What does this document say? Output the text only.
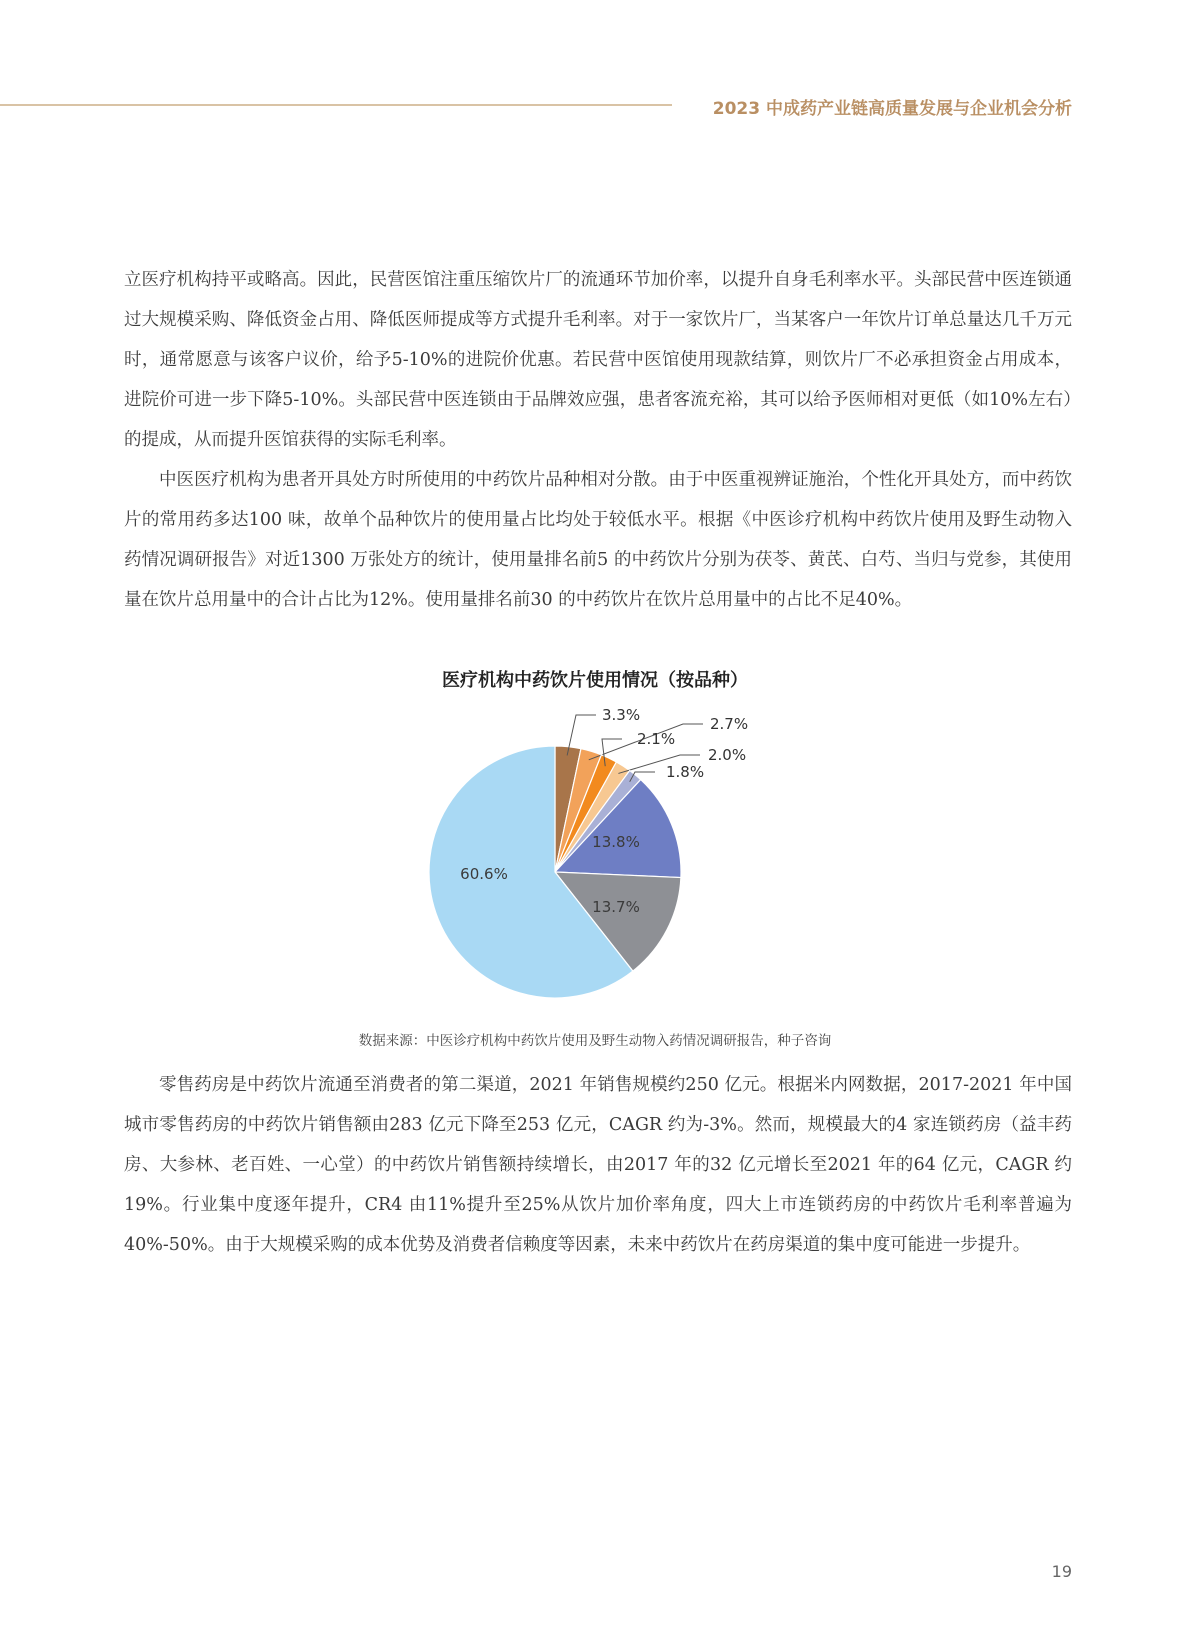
2023 中成药产业链高质量发展与企业机会分析

立医疗机构持平或略高。因此，民营医馆注重压缩饮片厂的流通环节加价率，以提升自身毛利率水平。头部民营中医连锁通过大规模采购、降低资金占用、降低医师提成等方式提升毛利率。对于一家饮片厂，当某客户一年饮片订单总量达几千万元时，通常愿意与该客户议价，给予5-10%的进院价优惠。若民营中医馆使用现款结算，则饮片厂不必承担资金占用成本，进院价可进一步下降5-10%。头部民营中医连锁由于品牌效应强，患者客流充裕，其可以给予医师相对更低（如10%左右）的提成，从而提升医馆获得的实际毛利率。

中医医疗机构为患者开具处方时所使用的中药饮片品种相对分散。由于中医重视辨证施治，个性化开具处方，而中药饮片的常用药多达100 味，故单个品种饮片的使用量占比均处于较低水平。根据《中医诊疗机构中药饮片使用及野生动物入药情况调研报告》对近1300 万张处方的统计，使用量排名前5 的中药饮片分别为茯苓、黄芪、白芍、当归与党参，其使用量在饮片总用量中的合计占比为12%。使用量排名前30 的中药饮片在饮片总用量中的占比不足40%。

医疗机构中药饮片使用情况（按品种）
3.3%	2.7%
2.1%
2.0%
1.8%
13.8%
13.7%
60.6%
数据来源：中医诊疗机构中药饮片使用及野生动物入药情况调研报告，种子咨询

零售药房是中药饮片流通至消费者的第二渠道，2021 年销售规模约250 亿元。根据米内网数据，2017-2021 年中国城市零售药房的中药饮片销售额由283 亿元下降至253 亿元，CAGR 约为-3%。然而，规模最大的4 家连锁药房（益丰药房、大参林、老百姓、一心堂）的中药饮片销售额持续增长，由2017 年的32 亿元增长至2021 年的64 亿元，CAGR 约19%。行业集中度逐年提升，CR4 由11%提升至25%从饮片加价率角度，四大上市连锁药房的中药饮片毛利率普遍为40%-50%。由于大规模采购的成本优势及消费者信赖度等因素，未来中药饮片在药房渠道的集中度可能进一步提升。

19
